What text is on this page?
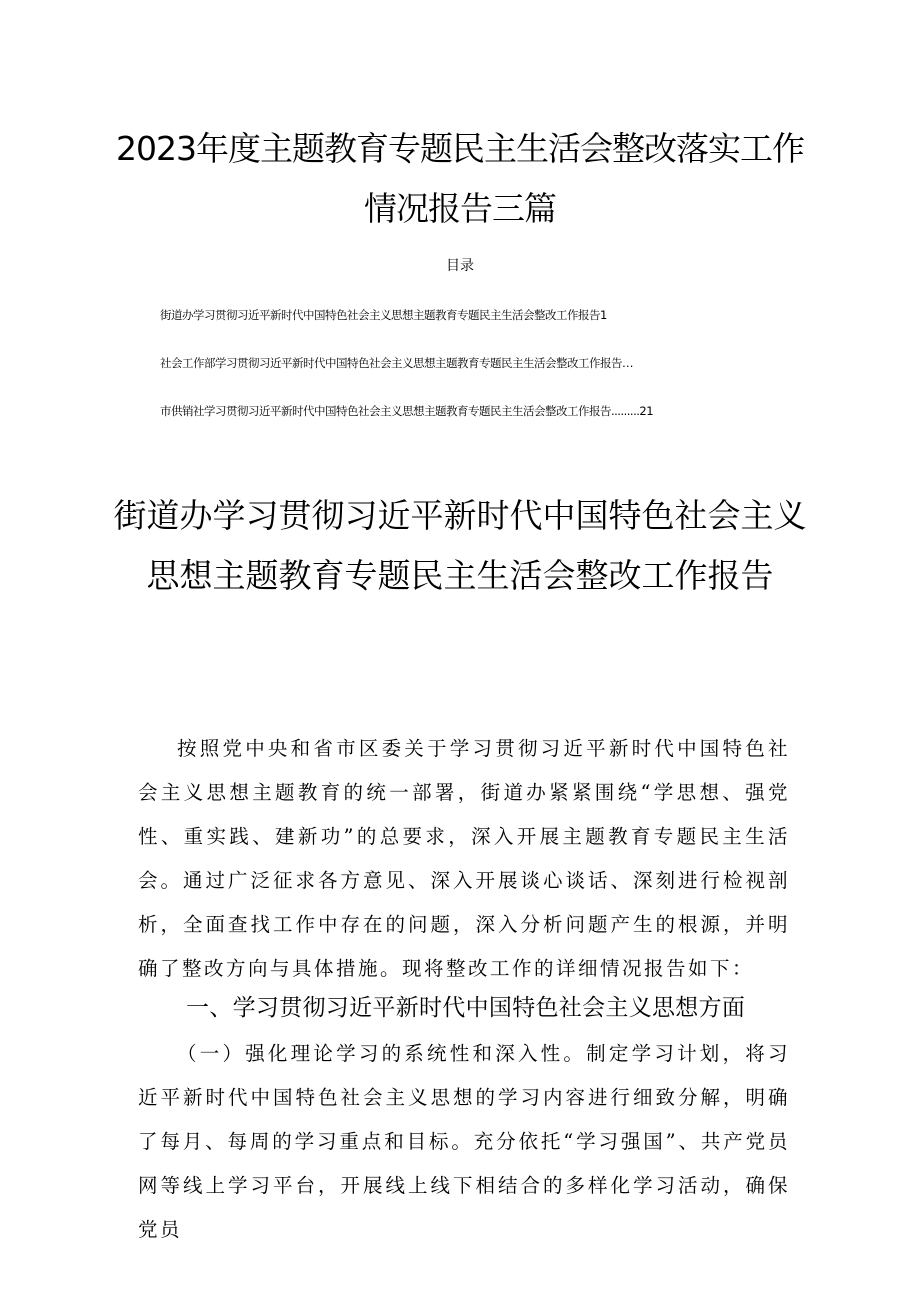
2023年度主题教育专题民主生活会整改落实工作情况报告三篇
目录
街道办学习贯彻习近平新时代中国特色社会主义思想主题教育专题民主生活会整改工作报告1
社会工作部学习贯彻习近平新时代中国特色社会主义思想主题教育专题民主生活会整改工作报告…
市供销社学习贯彻习近平新时代中国特色社会主义思想主题教育专题民主生活会整改工作报告.........21
街道办学习贯彻习近平新时代中国特色社会主义思想主题教育专题民主生活会整改工作报告

按照党中央和省市区委关于学习贯彻习近平新时代中国特色社会主义思想主题教育的统一部署，街道办紧紧围绕“学思想、强党性、重实践、建新功”的总要求，深入开展主题教育专题民主生活会。通过广泛征求各方意见、深入开展谈心谈话、深刻进行检视剖析，全面查找工作中存在的问题，深入分析问题产生的根源，并明确了整改方向与具体措施。现将整改工作的详细情况报告如下：

一、学习贯彻习近平新时代中国特色社会主义思想方面

（一）强化理论学习的系统性和深入性。制定学习计划，将习近平新时代中国特色社会主义思想的学习内容进行细致分解，明确了每月、每周的学习重点和目标。充分依托“学习强国”、共产党员网等线上学习平台，开展线上线下相结合的多样化学习活动，确保党员
